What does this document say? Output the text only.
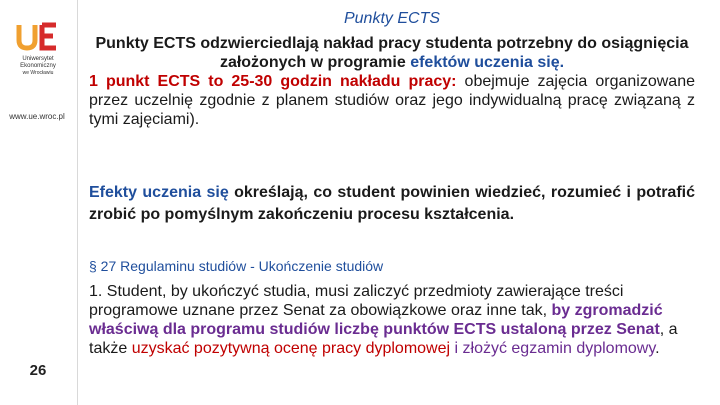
Uniwersytet
Ekonomiczny
we Wrocławiu
www.ue.wroc.pl
26
Punkty ECTS

Punkty ECTS odzwierciedlają nakład pracy studenta potrzebny do osiągnięcia założonych w programie efektów uczenia się.
1 punkt ECTS to 25-30 godzin nakładu pracy: obejmuje zajęcia organizowane przez uczelnię zgodnie z planem studiów oraz jego indywidualną pracę związaną z tymi zajęciami).

Efekty uczenia się określają, co student powinien wiedzieć, rozumieć i potrafić zrobić po pomyślnym zakończeniu procesu kształcenia.

§ 27 Regulaminu studiów - Ukończenie studiów

1. Student, by ukończyć studia, musi zaliczyć przedmioty zawierające treści programowe uznane przez Senat za obowiązkowe oraz inne tak, by zgromadzić właściwą dla programu studiów liczbę punktów ECTS ustaloną przez Senat, a także uzyskać pozytywną ocenę pracy dyplomowej i złożyć egzamin dyplomowy.
